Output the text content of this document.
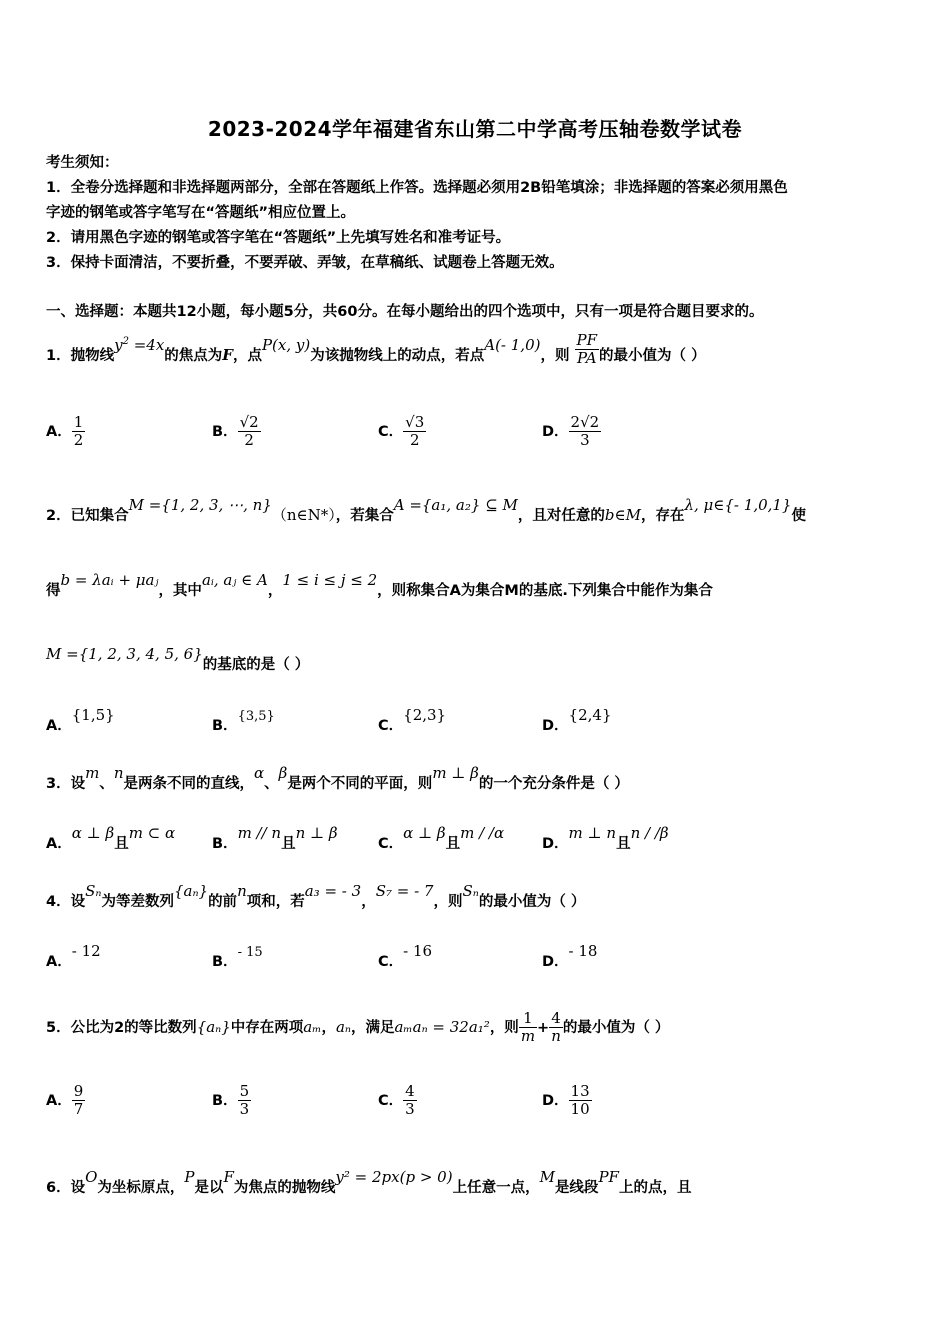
2023-2024学年福建省东山第二中学高考压轴卷数学试卷
考生须知：
1．全卷分选择题和非选择题两部分，全部在答题纸上作答。选择题必须用2B铅笔填涂；非选择题的答案必须用黑色
字迹的钢笔或答字笔写在“答题纸”相应位置上。
2．请用黑色字迹的钢笔或答字笔在“答题纸”上先填写姓名和准考证号。
3．保持卡面清洁，不要折叠，不要弄破、弄皱，在草稿纸、试题卷上答题无效。
一、选择题：本题共12小题，每小题5分，共60分。在每小题给出的四个选项中，只有一项是符合题目要求的。
1．抛物线$y^2 =4x$的焦点为F，点P(x, y)为该抛物线上的动点，若点A(- 1,0)，则 $\frac{PF}{PA}$ 的最小值为（ ）
A． $\frac{1}{2}$	B． $\frac{√2}{2}$	C． $\frac{√3}{2}$	D． $\frac{2√2}{3}$
2．已知集合M ={1, 2, 3, ⋯, n}（n∈N*），若集合A ={a₁, a₂} ⊆ M，且对任意的b∈M，存在λ, μ∈{- 1,0,1}使
得b = λaᵢ + μaⱼ，其中aᵢ, aⱼ ∈ A，1 ≤ i ≤ j ≤ 2，则称集合A为集合M的基底.下列集合中能作为集合
M ={1, 2, 3, 4, 5, 6}的基底的是（ ）
A．{1,5}
B．{3,5}
C．{2,3}
D．{2,4}
3．设m、n是两条不同的直线，α、β是两个不同的平面，则m ⊥ β的一个充分条件是（ ）
A．α ⊥ β且m ⊂ α
B．m // n且n ⊥ β
C．α ⊥ β且m / /α
D．m ⊥ n且n / /β
4．设Sₙ为等差数列{aₙ}的前n项和，若a₃ = - 3，S₇ = - 7，则Sₙ的最小值为（ ）
A．- 12
B．- 15
C．- 16
D．- 18
5．公比为2的等比数列{aₙ}中存在两项aₘ，aₙ，满足aₘaₙ = 32a₁²，则 $\frac{1}{m} + \frac{4}{n}$ 的最小值为（ ）
A． $\frac{9}{7}$	B． $\frac{5}{3}$	C． $\frac{4}{3}$	D． $\frac{13}{10}$
6．设O为坐标原点，P是以F为焦点的抛物线y² = 2px(p > 0)上任意一点，M是线段PF上的点，且
